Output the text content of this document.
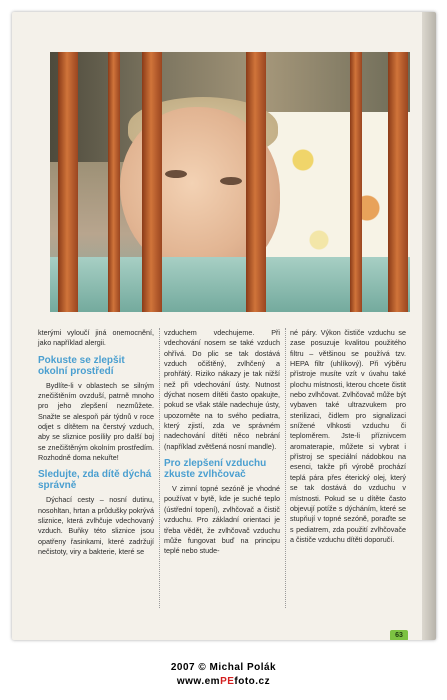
kterými vyloučí jiná onemocnění, jako například alergii.

Pokuste se zlepšit okolní prostředí

Bydlíte-li v oblastech se silným znečištěním ovzduší, patrně mnoho pro jeho zlepšení nezmůžete. Snažte se alespoň pár týdnů v roce odjet s dítětem na čerstvý vzduch, aby se sliznice posílily pro další boj se znečištěným okolním prostředím. Rozhodně doma nekuřte!

Sledujte, zda dítě dýchá správně

Dýchací cesty – nosní dutinu, nosohltan, hrtan a průdušky pokrývá sliznice, která zvlhčuje vdechovaný vzduch. Buňky této sliznice jsou opatřeny řasinkami, které zadržují nečistoty, viry a bakterie, které se

vzduchem vdechujeme. Při vdechování nosem se také vzduch ohřívá. Do plic se tak dostává vzduch očištěný, zvlhčený a prohřátý. Riziko nákazy je tak nižší než při vdechování ústy. Nutnost dýchat nosem dítěti často opakujte, pokud se však stále nadechuje ústy, upozorněte na to svého pediatra, který zjistí, zda ve správném nadechování dítěti něco nebrání (například zvětšená nosní mandle).

Pro zlepšení vzduchu zkuste zvlhčovač

V zimní topné sezóně je vhodné používat v bytě, kde je suché teplo (ústřední topení), zvlhčovač a čistič vzduchu. Pro základní orientaci je třeba vědět, že zvlhčovač vzduchu může fungovat buď na principu teplé nebo stude-

né páry. Výkon čističe vzduchu se zase posuzuje kvalitou použitého filtru – většinou se používá tzv. HEPA filtr (uhlíkový). Při výběru přístroje musíte vzít v úvahu také plochu místnosti, kterou chcete čistit nebo zvlhčovat. Zvlhčovač může být vybaven také ultrazvukem pro sterilizaci, čidlem pro signalizaci snížené vlhkosti vzduchu či teploměrem. Jste-li příznivcem aromaterapie, můžete si vybrat i přístroj se speciální nádobkou na esenci, takže při výrobě prochází teplá pára přes éterický olej, který se tak dostává do vzduchu v místnosti. Pokud se u dítěte často objevují potíže s dýcháním, které se stupňují v topné sezóně, poraďte se s pediatrem, zda použití zvlhčovače a čističe vzduchu dítěti doporučí.

63
2007 © Michal Polák
www.emPEfoto.cz
